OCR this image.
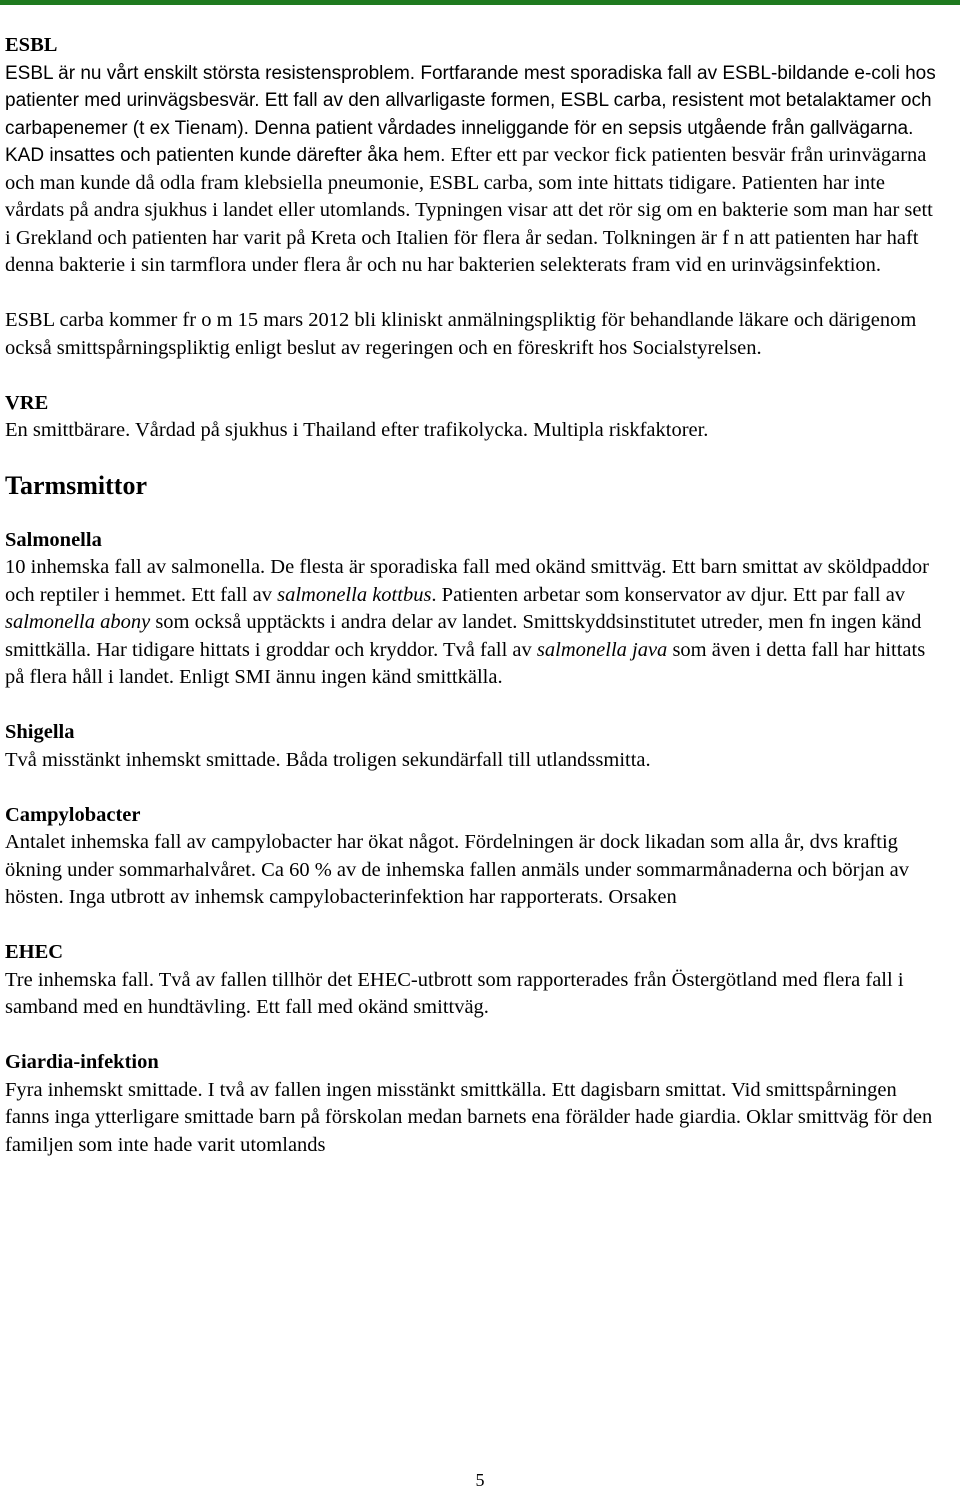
ESBL

ESBL är nu vårt enskilt största resistensproblem. Fortfarande mest sporadiska fall av ESBL-bildande e-coli hos patienter med urinvägsbesvär. Ett fall av den allvarligaste formen, ESBL carba, resistent mot betalaktamer och carbapenemer (t ex Tienam). Denna patient vårdades inneliggande för en sepsis utgående från gallvägarna. KAD insattes och patienten kunde därefter åka hem. Efter ett par veckor fick patienten besvär från urinvägarna och man kunde då odla fram klebsiella pneumonie, ESBL carba, som inte hittats tidigare. Patienten har inte vårdats på andra sjukhus i landet eller utomlands. Typningen visar att det rör sig om en bakterie som man har sett i Grekland och patienten har varit på Kreta och Italien för flera år sedan. Tolkningen är f n att patienten har haft denna bakterie i sin tarmflora under flera år och nu har bakterien selekterats fram vid en urinvägsinfektion.

ESBL carba kommer fr o m 15 mars 2012 bli kliniskt anmälningspliktig för behandlande läkare och därigenom också smittspårningspliktig enligt beslut av regeringen och en föreskrift hos Socialstyrelsen.

VRE

En smittbärare. Vårdad på sjukhus i Thailand efter trafikolycka. Multipla riskfaktorer.

Tarmsmittor

Salmonella

10 inhemska fall av salmonella. De flesta är sporadiska fall med okänd smittväg. Ett barn smittat av sköldpaddor och reptiler i hemmet. Ett fall av salmonella kottbus. Patienten arbetar som konservator av djur. Ett par fall av salmonella abony som också upptäckts i andra delar av landet. Smittskyddsinstitutet utreder, men fn ingen känd smittkälla. Har tidigare hittats i groddar och kryddor. Två fall av salmonella java som även i detta fall har hittats på flera håll i landet. Enligt SMI ännu ingen känd smittkälla.

Shigella

Två misstänkt inhemskt smittade. Båda troligen sekundärfall till utlandssmitta.

Campylobacter

Antalet inhemska fall av campylobacter har ökat något. Fördelningen är dock likadan som alla år, dvs kraftig ökning under sommarhalvåret. Ca 60 % av de inhemska fallen anmäls under sommarmånaderna och början av hösten. Inga utbrott av inhemsk campylobacterinfektion har rapporterats. Orsaken

EHEC

Tre inhemska fall. Två av fallen tillhör det EHEC-utbrott som rapporterades från Östergötland med flera fall i samband med en hundtävling. Ett fall med okänd smittväg.

Giardia-infektion

Fyra inhemskt smittade. I två av fallen ingen misstänkt smittkälla. Ett dagisbarn smittat. Vid smittspårningen fanns inga ytterligare smittade barn på förskolan medan barnets ena förälder hade giardia. Oklar smittväg för den familjen som inte hade varit utomlands

5
